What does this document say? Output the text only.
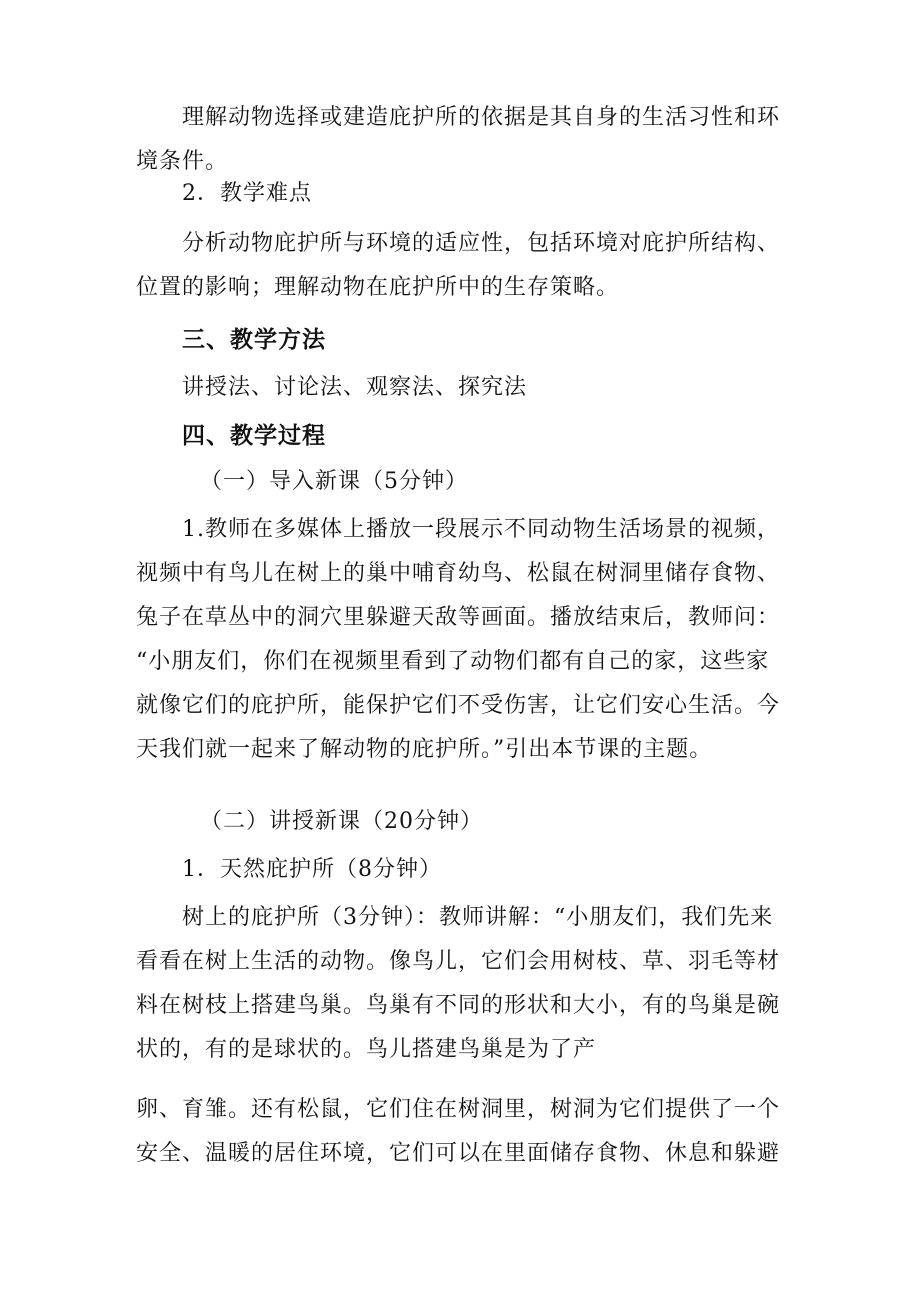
理解动物选择或建造庇护所的依据是其自身的生活习性和环
境条件。
2．教学难点
分析动物庇护所与环境的适应性，包括环境对庇护所结构、
位置的影响；理解动物在庇护所中的生存策略。
三、教学方法
讲授法、讨论法、观察法、探究法
四、教学过程
（一）导入新课（5分钟）
1.教师在多媒体上播放一段展示不同动物生活场景的视频，
视频中有鸟儿在树上的巢中哺育幼鸟、松鼠在树洞里储存食物、
兔子在草丛中的洞穴里躲避天敌等画面。播放结束后，教师问：
“小朋友们，你们在视频里看到了动物们都有自己的家，这些家
就像它们的庇护所，能保护它们不受伤害，让它们安心生活。今
天我们就一起来了解动物的庇护所。”引出本节课的主题。
（二）讲授新课（20分钟）
1．天然庇护所（8分钟）
树上的庇护所（3分钟）：教师讲解：“小朋友们，我们先来
看看在树上生活的动物。像鸟儿，它们会用树枝、草、羽毛等材
料在树枝上搭建鸟巢。鸟巢有不同的形状和大小，有的鸟巢是碗
状的，有的是球状的。鸟儿搭建鸟巢是为了产
卵、育雏。还有松鼠，它们住在树洞里，树洞为它们提供了一个
安全、温暖的居住环境，它们可以在里面储存食物、休息和躲避
